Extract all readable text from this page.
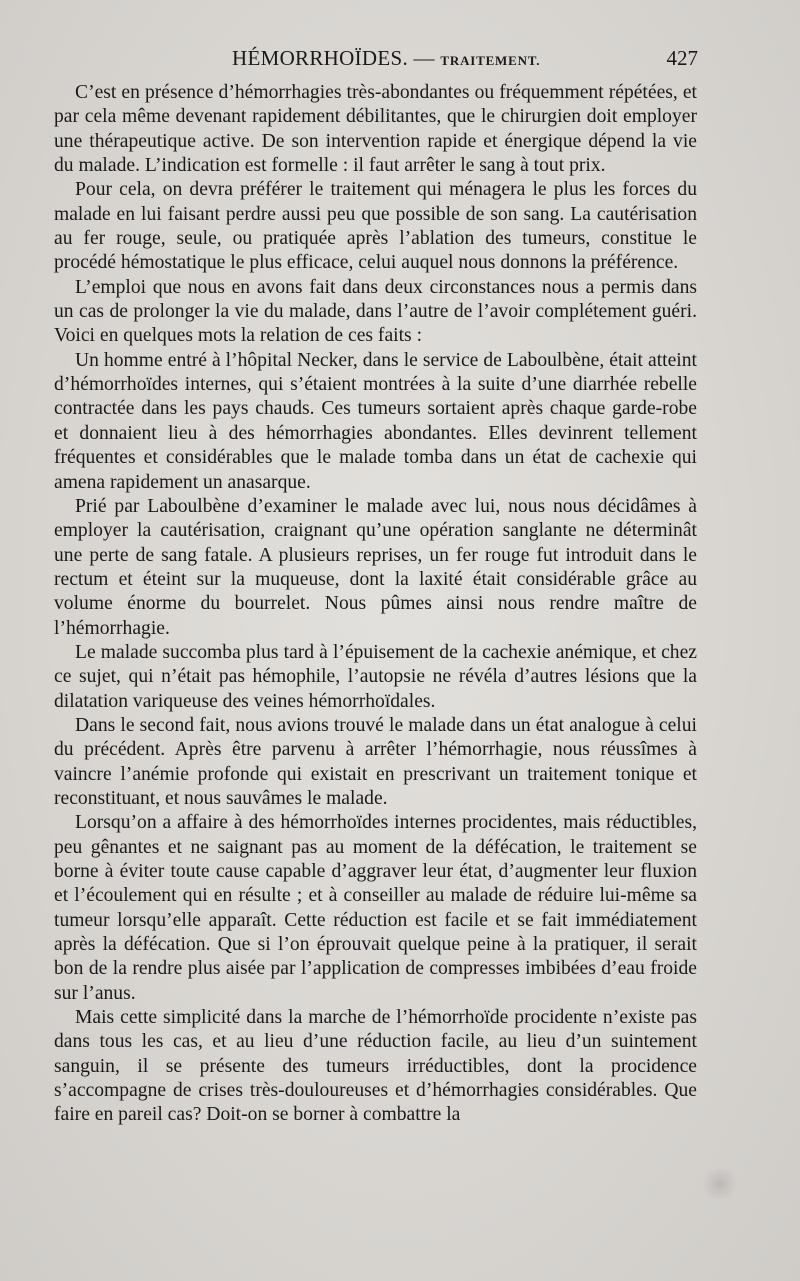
HÉMORRHOÏDES. — TRAITEMENT.	427

C’est en présence d’hémorrhagies très-abondantes ou fréquemment répétées, et par cela même devenant rapidement débilitantes, que le chirurgien doit employer une thérapeutique active. De son intervention rapide et énergique dépend la vie du malade. L’indication est formelle : il faut arrêter le sang à tout prix.

Pour cela, on devra préférer le traitement qui ménagera le plus les forces du malade en lui faisant perdre aussi peu que possible de son sang. La cautérisation au fer rouge, seule, ou pratiquée après l’ablation des tumeurs, constitue le procédé hémostatique le plus efficace, celui auquel nous donnons la préférence.

L’emploi que nous en avons fait dans deux circonstances nous a permis dans un cas de prolonger la vie du malade, dans l’autre de l’avoir complétement guéri. Voici en quelques mots la relation de ces faits :

Un homme entré à l’hôpital Necker, dans le service de Laboulbène, était atteint d’hémorrhoïdes internes, qui s’étaient montrées à la suite d’une diarrhée rebelle contractée dans les pays chauds. Ces tumeurs sortaient après chaque garde-robe et donnaient lieu à des hémorrhagies abondantes. Elles devinrent tellement fréquentes et considérables que le malade tomba dans un état de cachexie qui amena rapidement un anasarque.

Prié par Laboulbène d’examiner le malade avec lui, nous nous décidâmes à employer la cautérisation, craignant qu’une opération sanglante ne déterminât une perte de sang fatale. A plusieurs reprises, un fer rouge fut introduit dans le rectum et éteint sur la muqueuse, dont la laxité était considérable grâce au volume énorme du bourrelet. Nous pûmes ainsi nous rendre maître de l’hémorrhagie.

Le malade succomba plus tard à l’épuisement de la cachexie anémique, et chez ce sujet, qui n’était pas hémophile, l’autopsie ne révéla d’autres lésions que la dilatation variqueuse des veines hémorrhoïdales.

Dans le second fait, nous avions trouvé le malade dans un état analogue à celui du précédent. Après être parvenu à arrêter l’hémorrhagie, nous réussîmes à vaincre l’anémie profonde qui existait en prescrivant un traitement tonique et reconstituant, et nous sauvâmes le malade.

Lorsqu’on a affaire à des hémorrhoïdes internes procidentes, mais réductibles, peu gênantes et ne saignant pas au moment de la défécation, le traitement se borne à éviter toute cause capable d’aggraver leur état, d’augmenter leur fluxion et l’écoulement qui en résulte ; et à conseiller au malade de réduire lui-même sa tumeur lorsqu’elle apparaît. Cette réduction est facile et se fait immédiatement après la défécation. Que si l’on éprouvait quelque peine à la pratiquer, il serait bon de la rendre plus aisée par l’application de compresses imbibées d’eau froide sur l’anus.

Mais cette simplicité dans la marche de l’hémorrhoïde procidente n’existe pas dans tous les cas, et au lieu d’une réduction facile, au lieu d’un suintement sanguin, il se présente des tumeurs irréductibles, dont la procidence s’accompagne de crises très-douloureuses et d’hémorrhagies considérables. Que faire en pareil cas? Doit-on se borner à combattre la
